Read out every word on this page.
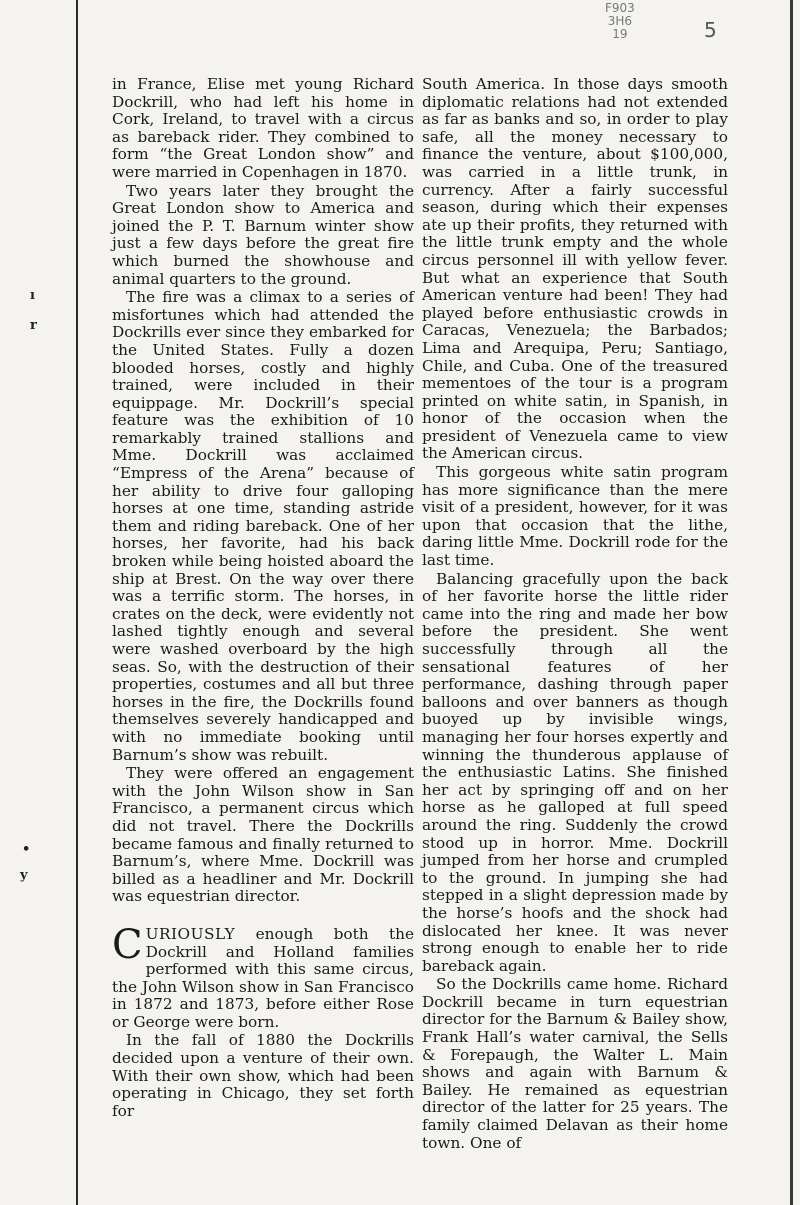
F903
3H6
19	5
ı
r
•
y

in France, Elise met young Richard Dockrill, who had left his home in Cork, Ireland, to travel with a circus as bareback rider. They combined to form “the Great London show” and were married in Copenhagen in 1870.

Two years later they brought the Great London show to America and joined the P. T. Barnum winter show just a few days before the great fire which burned the showhouse and animal quarters to the ground.

The fire was a climax to a series of misfortunes which had attended the Dockrills ever since they embarked for the United States. Fully a dozen blooded horses, costly and highly trained, were included in their equippage. Mr. Dockrill’s special feature was the exhibition of 10 remarkably trained stallions and Mme. Dockrill was acclaimed “Empress of the Arena” because of her ability to drive four galloping horses at one time, standing astride them and riding bareback. One of her horses, her favorite, had his back broken while being hoisted aboard the ship at Brest. On the way over there was a terrific storm. The horses, in crates on the deck, were evidently not lashed tightly enough and several were washed overboard by the high seas. So, with the destruction of their properties, costumes and all but three horses in the fire, the Dockrills found themselves severely handicapped and with no immediate booking until Barnum’s show was rebuilt.

They were offered an engagement with the John Wilson show in San Francisco, a permanent circus which did not travel. There the Dockrills became famous and finally returned to Barnum’s, where Mme. Dockrill was billed as a headliner and Mr. Dockrill was equestrian director.

CURIOUSLY enough both the Dockrill and Holland families performed with this same circus, the John Wilson show in San Francisco in 1872 and 1873, before either Rose or George were born.

In the fall of 1880 the Dockrills decided upon a venture of their own. With their own show, which had been operating in Chicago, they set forth for

South America. In those days smooth diplomatic relations had not extended as far as banks and so, in order to play safe, all the money necessary to finance the venture, about $100,000, was carried in a little trunk, in currency. After a fairly successful season, during which their expenses ate up their profits, they returned with the little trunk empty and the whole circus personnel ill with yellow fever. But what an experience that South American venture had been! They had played before enthusiastic crowds in Caracas, Venezuela; the Barbados; Lima and Arequipa, Peru; Santiago, Chile, and Cuba. One of the treasured mementoes of the tour is a program printed on white satin, in Spanish, in honor of the occasion when the president of Venezuela came to view the American circus.

This gorgeous white satin program has more significance than the mere visit of a president, however, for it was upon that occasion that the lithe, daring little Mme. Dockrill rode for the last time.

Balancing gracefully upon the back of her favorite horse the little rider came into the ring and made her bow before the president. She went successfully through all the sensational features of her performance, dashing through paper balloons and over banners as though buoyed up by invisible wings, managing her four horses expertly and winning the thunderous applause of the enthusiastic Latins. She finished her act by springing off and on her horse as he galloped at full speed around the ring. Suddenly the crowd stood up in horror. Mme. Dockrill jumped from her horse and crumpled to the ground. In jumping she had stepped in a slight depression made by the horse’s hoofs and the shock had dislocated her knee. It was never strong enough to enable her to ride bareback again.

So the Dockrills came home. Richard Dockrill became in turn equestrian director for the Barnum & Bailey show, Frank Hall’s water carnival, the Sells & Forepaugh, the Walter L. Main shows and again with Barnum & Bailey. He remained as equestrian director of the latter for 25 years. The family claimed Delavan as their home town. One of
